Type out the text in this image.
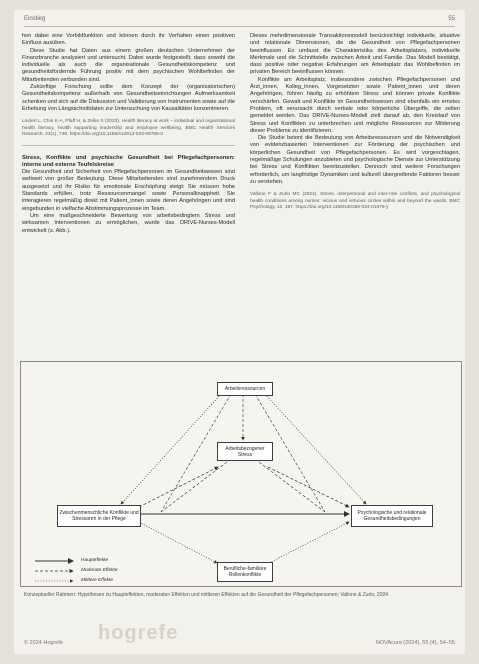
Einstieg	55

hen dabei eine Vorbildfunktion und können durch ihr Verhalten einen positiven Einfluss ausüben.

Diese Studie hat Daten aus einem großen deutschen Unternehmen der Finanzbranche analysiert und untersucht. Dabei wurde festgestellt, dass sowohl die individuelle als auch die organisationale Gesundheitskompetenz und gesundheitsfördernde Führung positiv mit dem psychischen Wohlbefinden der Mitarbeitenden verbunden sind.

Zukünftige Forschung sollte dem Konzept der (organisatorischen) Gesundheitskompetenz außerhalb von Gesundheitseinrichtungen Aufmerksamkeit schenken und sich auf die Diskussion und Validierung von Instrumenten sowie auf die Erhebung von Längsschnittdaten zur Untersuchung von Kausalitäten konzentrieren.

Lindert L, Choi K-A, Pfaff H, & Zeike S (2023). Health literacy at work – individual and organizational health literacy, health supporting leadership and employee wellbeing. BMC Health Services Research, 23(1), 736. https://doi.org/10.1186/s12913-023-09766-0

Stress, Konflikte und psychische Gesundheit bei Pflegefachpersonen: interne und externe Teufelskreise

Die Gesundheit und Sicherheit von Pflegefachpersonen im Gesundheitswesen sind weltweit von großer Bedeutung. Diese Mitarbeitenden sind zunehmendem Druck ausgesetzt und ihr Risiko für emotionale Erschöpfung steigt: Sie müssen hohe Standards erfüllen, trotz Ressourcenmangel sowie Personalknappheit. Sie interagieren regelmäßig direkt mit Patient_innen sowie deren Angehörigen und sind eingebunden in vielfache Abstimmungsprozesse im Team.

Um eine maßgeschneiderte Bewertung von arbeitsbedingtem Stress und wirksamen Interventionen zu ermöglichen, wurde das DRIVE-Nurses-Modell entwickelt (s. Abb.).

Dieses mehrdimensionale Transaktionsmodell berücksichtigt individuelle, situative und relationale Dimensionen, die die Gesundheit von Pflegefachpersonen beeinflussen. Es umfasst die Charakteristika des Arbeitsplatzes, individuelle Merkmale und die Schnittstelle zwischen Arbeit und Familie. Das Modell bestätigt, dass positive oder negative Erfahrungen am Arbeitsplatz das Wohlbefinden im privaten Bereich beeinflussen können.

Konflikte am Arbeitsplatz, insbesondere zwischen Pflegefachpersonen und Ärzt_innen, Kolleg_innen, Vorgesetzten sowie Patient_innen und deren Angehörigen, führen häufig zu erhöhtem Stress und können private Konflikte verschärfen. Gewalt und Konflikte im Gesundheitswesen sind ebenfalls ein ernstes Problem, oft verursacht durch verbale oder körperliche Übergriffe, die selten gemeldet werden. Das DRIVE-Nurses-Modell zielt darauf ab, den Kreislauf von Stress und Konflikten zu unterbrechen und mögliche Ressourcen zur Milderung dieser Probleme zu identifizieren.

Die Studie betont die Bedeutung von Arbeitsressourcen und die Notwendigkeit von evidenzbasierten Interventionen zur Förderung der psychischen und körperlichen Gesundheit von Pflegefachpersonen. Es wird vorgeschlagen, regelmäßige Schulungen anzubieten und psychologische Dienste zur Unterstützung bei Stress und Konflikten bereitzustellen. Dennoch sind weitere Forschungen erforderlich, um langfristige Dynamiken und kulturell übergreifende Faktoren besser zu verstehen.

Vallone F & Zurlo MC (2024). Stress, interpersonal and inter-role conflicts, and psychological health conditions among nurses: vicious and virtuous circles within and beyond the wards. BMC Psychology, 12, 197. https://doi.org/10.1186/s40359-024-01676-y

Arbeitsressourcen
Arbeitsbezogener Stress
Zwischenmenschliche Konflikte und Stressoren in der Pflege
Psychologische und relationale Gesundheitsbedingungen
Berufliche-familiäre Rollenkonflikte
Haupteffekte
Moderate Effekte
Mittlere Effekte
Konzeptueller Rahmen: Hypothesen zu Haupteffekten, moderaten Effekten und mittleren Effekten auf die Gesundheit der Pflegefachpersonen; Vallone & Zurlo, 2024
hogrefe
© 2024 Hogrefe	NOVAcura (2024), 55 (4), 54–55
